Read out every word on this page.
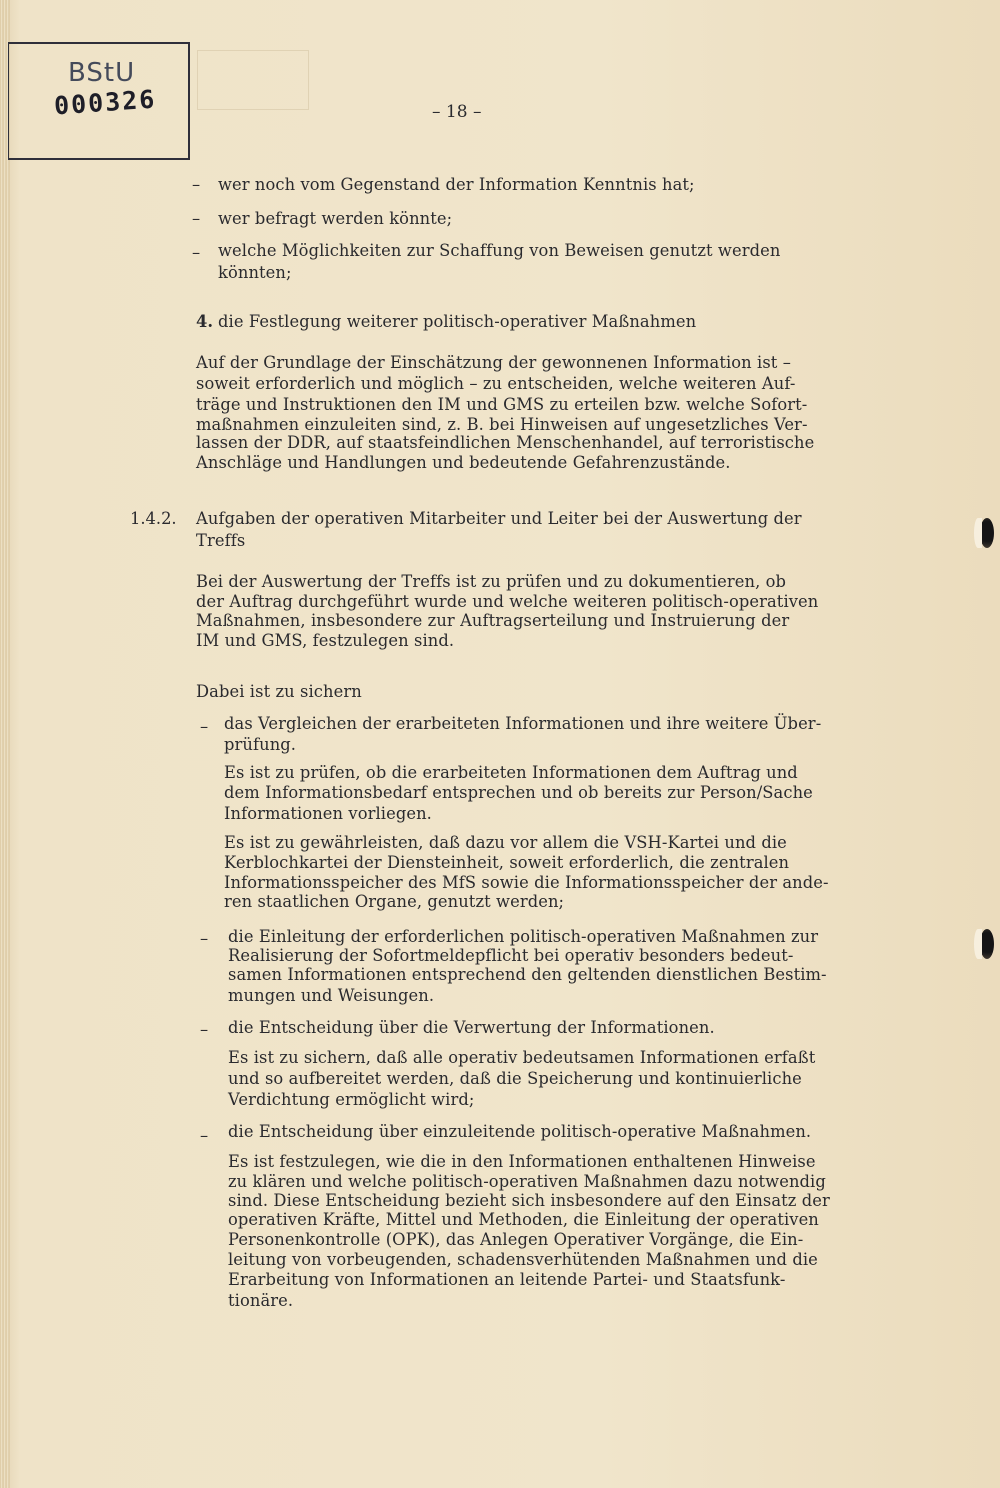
BStU
000326	– 18 –
– wer noch vom Gegenstand der Information Kenntnis hat;
– wer befragt werden könnte;
– welche Möglichkeiten zur Schaffung von Beweisen genutzt werden
könnten;
4. die Festlegung weiterer politisch-operativer Maßnahmen
Auf der Grundlage der Einschätzung der gewonnenen Information ist –
soweit erforderlich und möglich – zu entscheiden, welche weiteren Auf-
träge und Instruktionen den IM und GMS zu erteilen bzw. welche Sofort-
maßnahmen einzuleiten sind, z. B. bei Hinweisen auf ungesetzliches Ver-
lassen der DDR, auf staatsfeindlichen Menschenhandel, auf terroristische
Anschläge und Handlungen und bedeutende Gefahrenzustände.
1.4.2. Aufgaben der operativen Mitarbeiter und Leiter bei der Auswertung der
Treffs
Bei der Auswertung der Treffs ist zu prüfen und zu dokumentieren, ob
der Auftrag durchgeführt wurde und welche weiteren politisch-operativen
Maßnahmen, insbesondere zur Auftragserteilung und Instruierung der
IM und GMS, festzulegen sind.
Dabei ist zu sichern
– das Vergleichen der erarbeiteten Informationen und ihre weitere Über-
prüfung.
Es ist zu prüfen, ob die erarbeiteten Informationen dem Auftrag und
dem Informationsbedarf entsprechen und ob bereits zur Person/Sache
Informationen vorliegen.
Es ist zu gewährleisten, daß dazu vor allem die VSH-Kartei und die
Kerblochkartei der Diensteinheit, soweit erforderlich, die zentralen
Informationsspeicher des MfS sowie die Informationsspeicher der ande-
ren staatlichen Organe, genutzt werden;
– die Einleitung der erforderlichen politisch-operativen Maßnahmen zur
Realisierung der Sofortmeldepflicht bei operativ besonders bedeut-
samen Informationen entsprechend den geltenden dienstlichen Bestim-
mungen und Weisungen.
– die Entscheidung über die Verwertung der Informationen.
Es ist zu sichern, daß alle operativ bedeutsamen Informationen erfaßt
und so aufbereitet werden, daß die Speicherung und kontinuierliche
Verdichtung ermöglicht wird;
– die Entscheidung über einzuleitende politisch-operative Maßnahmen.
Es ist festzulegen, wie die in den Informationen enthaltenen Hinweise
zu klären und welche politisch-operativen Maßnahmen dazu notwendig
sind. Diese Entscheidung bezieht sich insbesondere auf den Einsatz der
operativen Kräfte, Mittel und Methoden, die Einleitung der operativen
Personenkontrolle (OPK), das Anlegen Operativer Vorgänge, die Ein-
leitung von vorbeugenden, schadensverhütenden Maßnahmen und die
Erarbeitung von Informationen an leitende Partei- und Staatsfunk-
tionäre.
